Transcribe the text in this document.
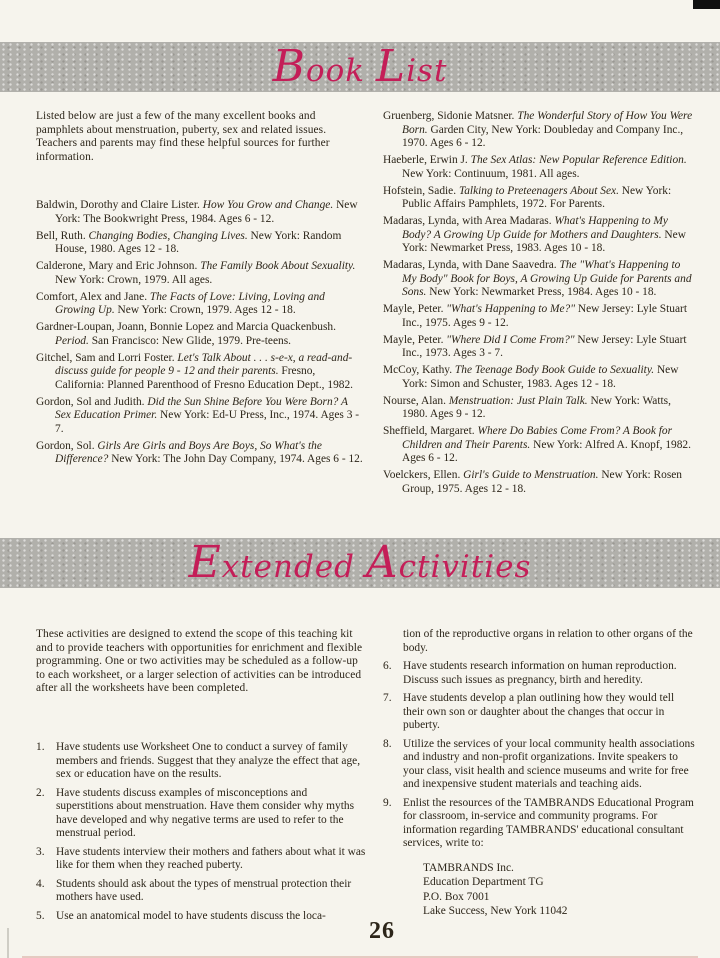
Book List
Listed below are just a few of the many excellent books and pamphlets about menstruation, puberty, sex and related issues. Teachers and parents may find these helpful sources for further information.
Baldwin, Dorothy and Claire Lister. How You Grow and Change. New York: The Bookwright Press, 1984. Ages 6 - 12.
Bell, Ruth. Changing Bodies, Changing Lives. New York: Random House, 1980. Ages 12 - 18.
Calderone, Mary and Eric Johnson. The Family Book About Sexuality. New York: Crown, 1979. All ages.
Comfort, Alex and Jane. The Facts of Love: Living, Loving and Growing Up. New York: Crown, 1979. Ages 12 - 18.
Gardner-Loupan, Joann, Bonnie Lopez and Marcia Quackenbush. Period. San Francisco: New Glide, 1979. Pre-teens.
Gitchel, Sam and Lorri Foster. Let's Talk About . . . s-e-x, a read-and-discuss guide for people 9 - 12 and their parents. Fresno, California: Planned Parenthood of Fresno Education Dept., 1982.
Gordon, Sol and Judith. Did the Sun Shine Before You Were Born? A Sex Education Primer. New York: Ed-U Press, Inc., 1974. Ages 3 - 7.
Gordon, Sol. Girls Are Girls and Boys Are Boys, So What's the Difference? New York: The John Day Company, 1974. Ages 6 - 12.
Gruenberg, Sidonie Matsner. The Wonderful Story of How You Were Born. Garden City, New York: Doubleday and Company Inc., 1970. Ages 6 - 12.
Haeberle, Erwin J. The Sex Atlas: New Popular Reference Edition. New York: Continuum, 1981. All ages.
Hofstein, Sadie. Talking to Preteenagers About Sex. New York: Public Affairs Pamphlets, 1972. For Parents.
Madaras, Lynda, with Area Madaras. What's Happening to My Body? A Growing Up Guide for Mothers and Daughters. New York: Newmarket Press, 1983. Ages 10 - 18.
Madaras, Lynda, with Dane Saavedra. The "What's Happening to My Body" Book for Boys, A Growing Up Guide for Parents and Sons. New York: Newmarket Press, 1984. Ages 10 - 18.
Mayle, Peter. "What's Happening to Me?" New Jersey: Lyle Stuart Inc., 1975. Ages 9 - 12.
Mayle, Peter. "Where Did I Come From?" New Jersey: Lyle Stuart Inc., 1973. Ages 3 - 7.
McCoy, Kathy. The Teenage Body Book Guide to Sexuality. New York: Simon and Schuster, 1983. Ages 12 - 18.
Nourse, Alan. Menstruation: Just Plain Talk. New York: Watts, 1980. Ages 9 - 12.
Sheffield, Margaret. Where Do Babies Come From? A Book for Children and Their Parents. New York: Alfred A. Knopf, 1982. Ages 6 - 12.
Voelckers, Ellen. Girl's Guide to Menstruation. New York: Rosen Group, 1975. Ages 12 - 18.
Extended Activities
These activities are designed to extend the scope of this teaching kit and to provide teachers with opportunities for enrichment and flexible programming. One or two activities may be scheduled as a follow-up to each worksheet, or a larger selection of activities can be introduced after all the worksheets have been completed.
1.	Have students use Worksheet One to conduct a survey of family members and friends. Suggest that they analyze the effect that age, sex or education have on the results.
2.	Have students discuss examples of misconceptions and superstitions about menstruation. Have them consider why myths have developed and why negative terms are used to refer to the menstrual period.
3.	Have students interview their mothers and fathers about what it was like for them when they reached puberty.
4.	Students should ask about the types of menstrual protection their mothers have used.
5.	Use an anatomical model to have students discuss the loca-
tion of the reproductive organs in relation to other organs of the body.
6.	Have students research information on human reproduction. Discuss such issues as pregnancy, birth and heredity.
7.	Have students develop a plan outlining how they would tell their own son or daughter about the changes that occur in puberty.
8.	Utilize the services of your local community health associations and industry and non-profit organizations. Invite speakers to your class, visit health and science museums and write for free and inexpensive student materials and teaching aids.
9.	Enlist the resources of the TAMBRANDS Educational Program for classroom, in-service and community programs. For information regarding TAMBRANDS' educational consultant services, write to:
TAMBRANDS Inc.
Education Department TG
P.O. Box 7001
Lake Success, New York 11042
26
